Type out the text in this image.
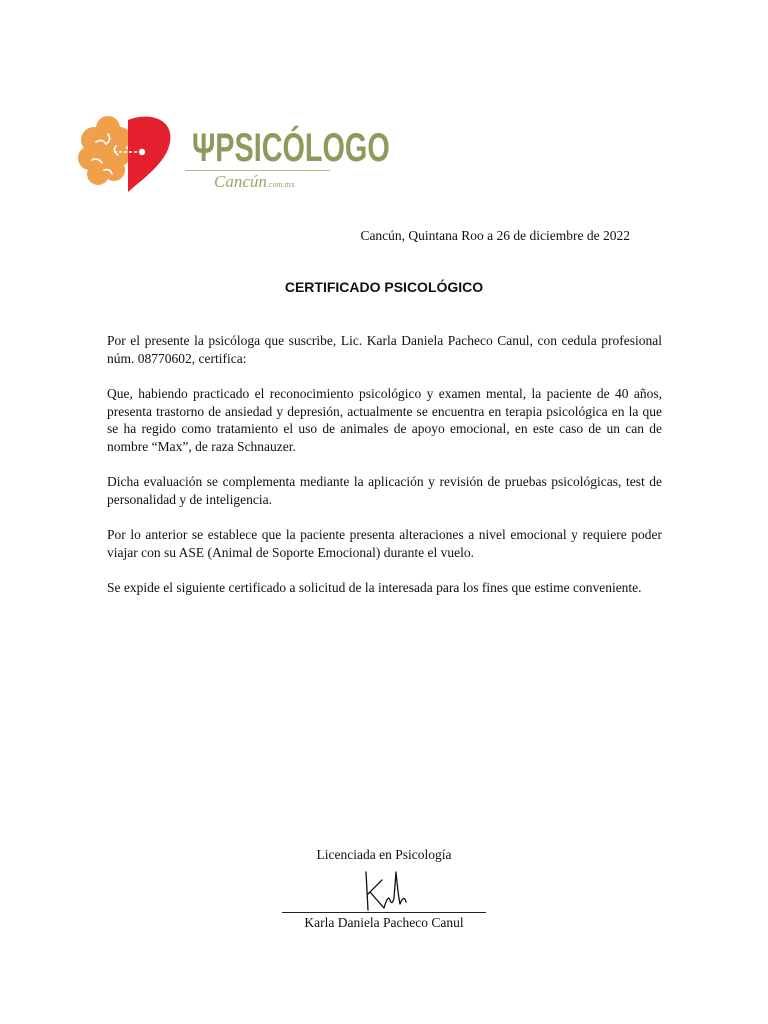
ΨPSICÓLOGO
Cancún.com.mx
Cancún, Quintana Roo a 26 de diciembre de 2022
CERTIFICADO PSICOLÓGICO

Por el presente la psicóloga que suscribe, Lic. Karla Daniela Pacheco Canul, con cedula profesional núm. 08770602, certifica:

Que, habiendo practicado el reconocimiento psicológico y examen mental, la paciente de 40 años, presenta trastorno de ansiedad y depresión, actualmente se encuentra en terapia psicológica en la que se ha regido como tratamiento el uso de animales de apoyo emocional, en este caso de un can de nombre “Max”, de raza Schnauzer.

Dicha evaluación se complementa mediante la aplicación y revisión de pruebas psicológicas, test de personalidad y de inteligencia.

Por lo anterior se establece que la paciente presenta alteraciones a nivel emocional y requiere poder viajar con su ASE (Animal de Soporte Emocional) durante el vuelo.

Se expide el siguiente certificado a solicitud de la interesada para los fines que estime conveniente.

Licenciada en Psicología
Karla Daniela Pacheco Canul
